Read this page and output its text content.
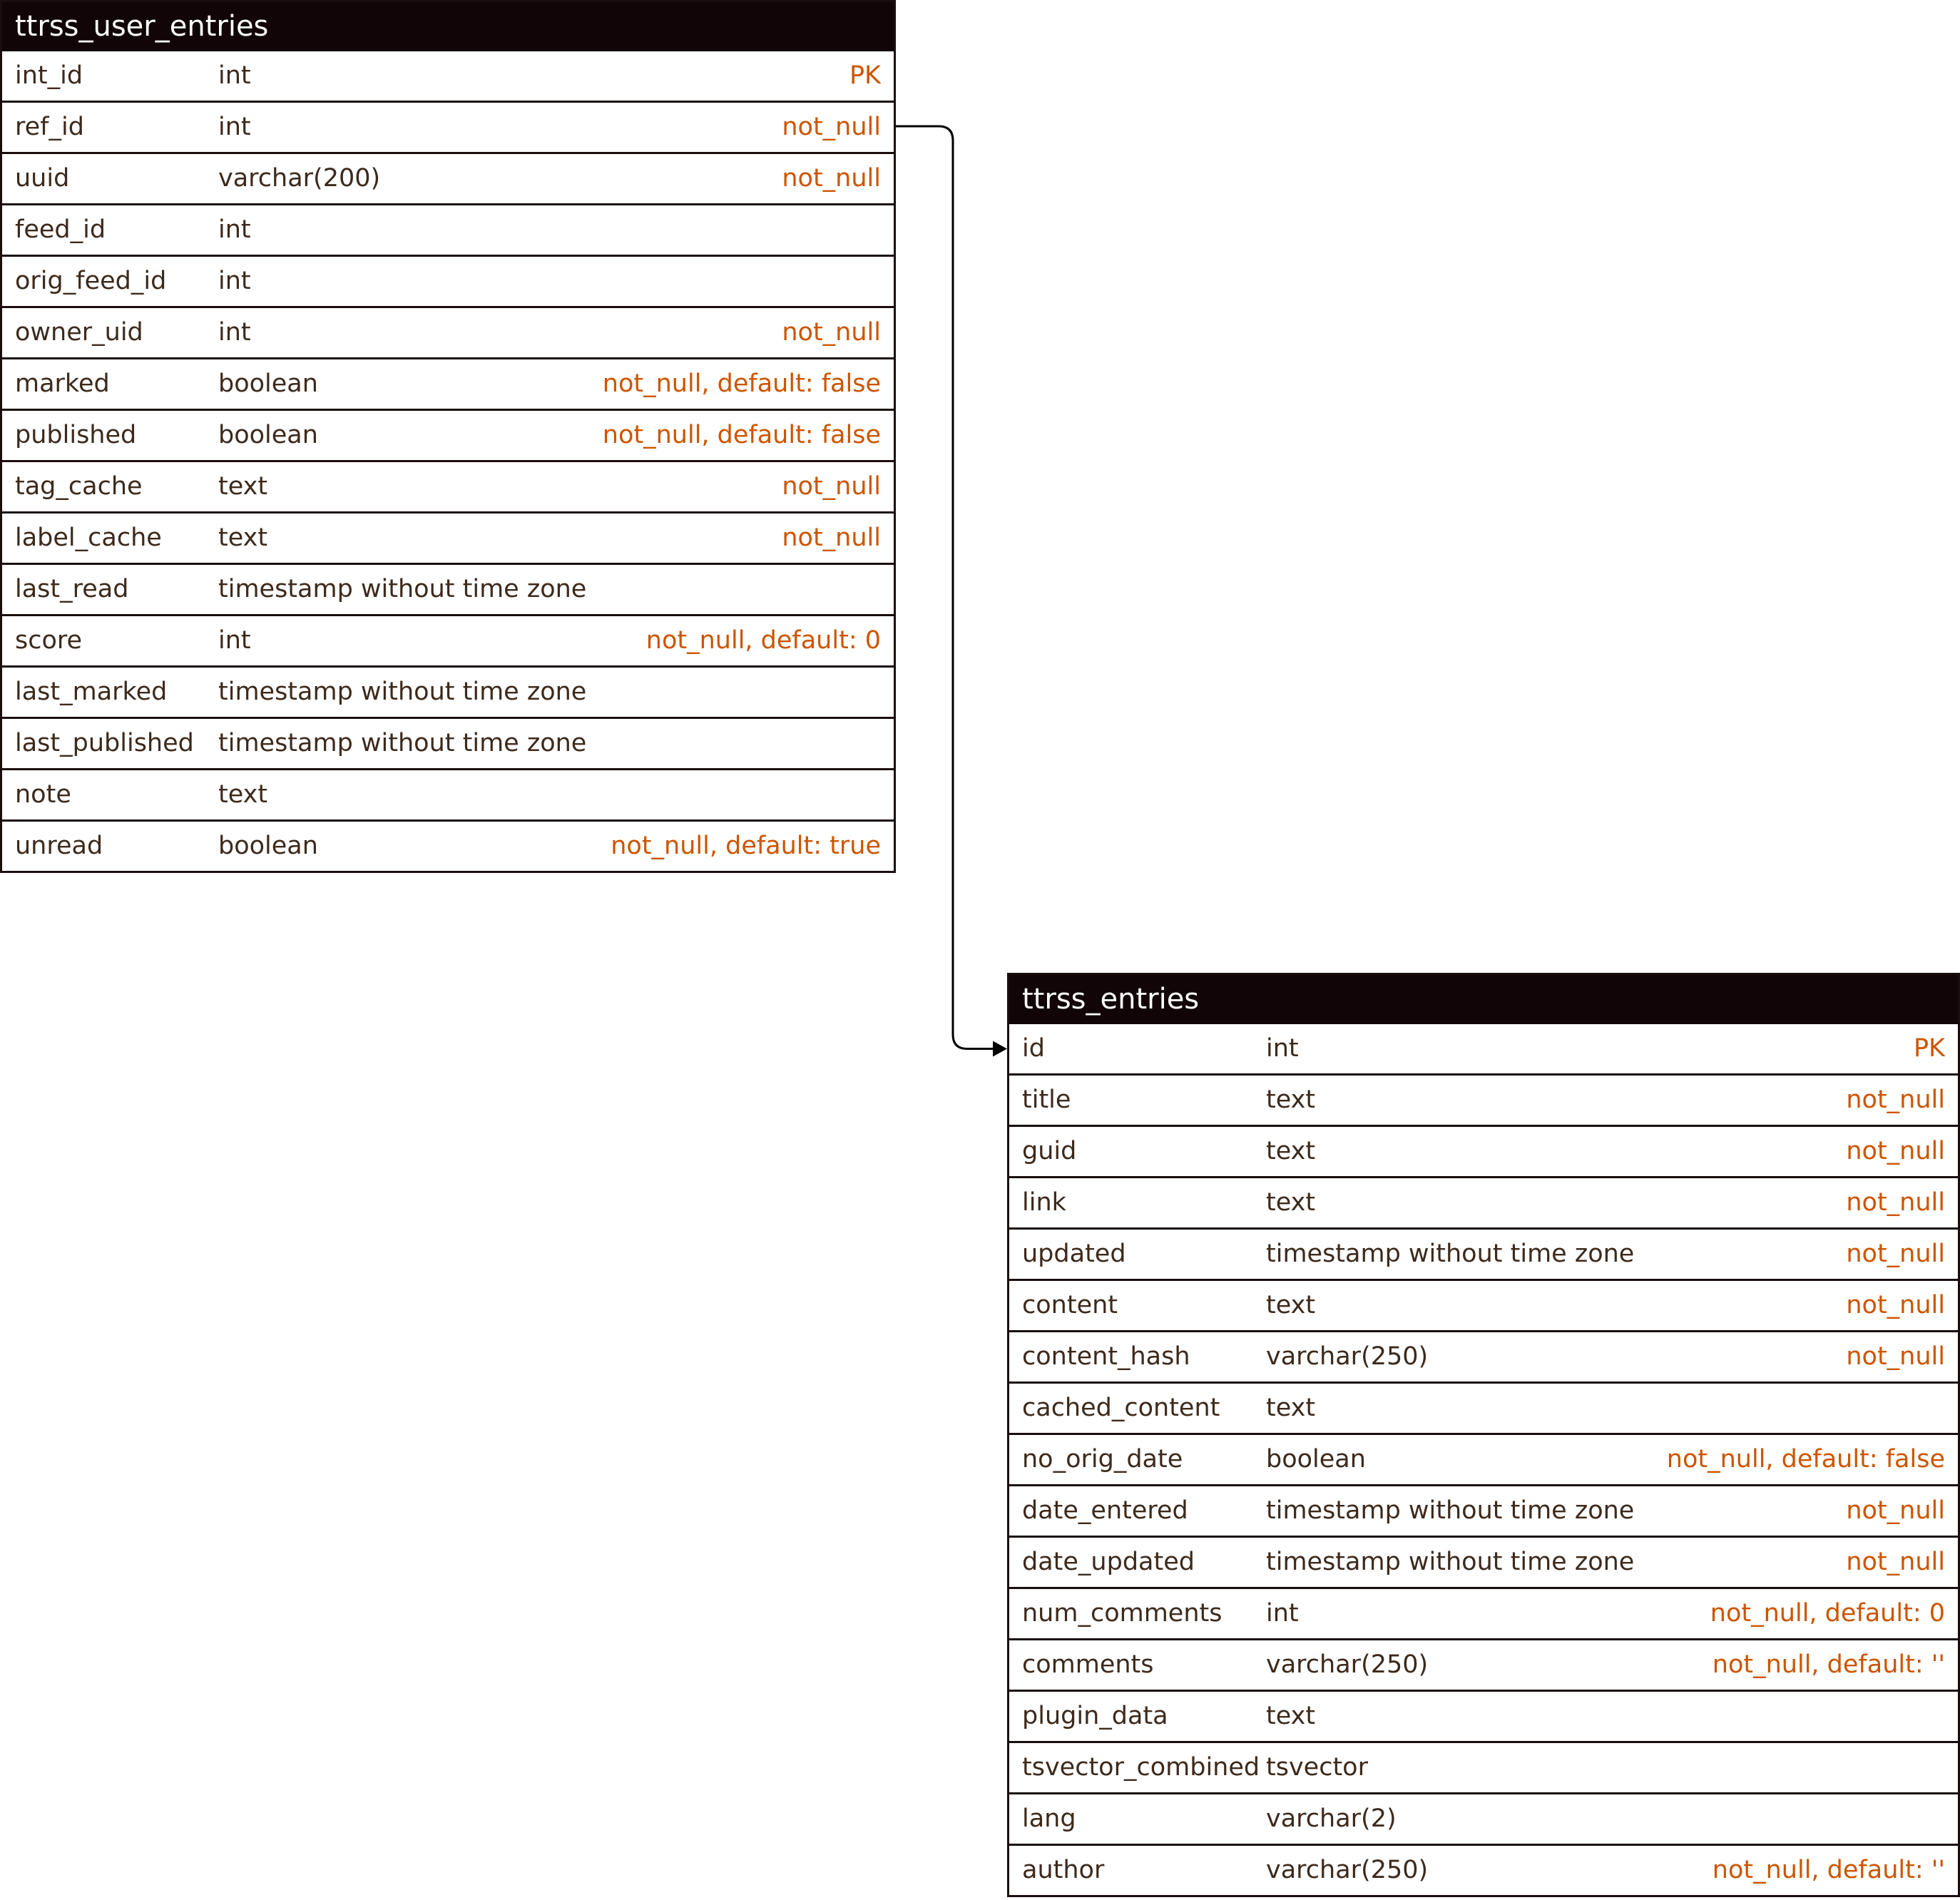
ttrss_user_entries
int_id	int	PK
ref_id	int	not_null
uuid	varchar(200)	not_null
feed_id	int
orig_feed_id int
owner_uid	int	not_null
marked	boolean	not_null, default: false
published	boolean	not_null, default: false
tag_cache	text	not_null
label_cache text	not_null
last_read	timestamp without time zone
score	int	not_null, default: 0
last_marked timestamp without time zone
last_published timestamp without time zone
note	text
unread	boolean	not_null, default: true
ttrss_entries
id	int	PK
title	text	not_null
guid	text	not_null
link	text	not_null
updated	timestamp without time zone	not_null
content	text	not_null
content_hash	varchar(250)	not_null
cached_content text
no_orig_date	boolean	not_null, default: false
date_entered	timestamp without time zone	not_null
date_updated	timestamp without time zone	not_null
num_comments int	not_null, default: 0
comments	varchar(250)	not_null, default: ''
plugin_data	text
tsvector_combined tsvector
lang	varchar(2)
author	varchar(250)	not_null, default: ''
